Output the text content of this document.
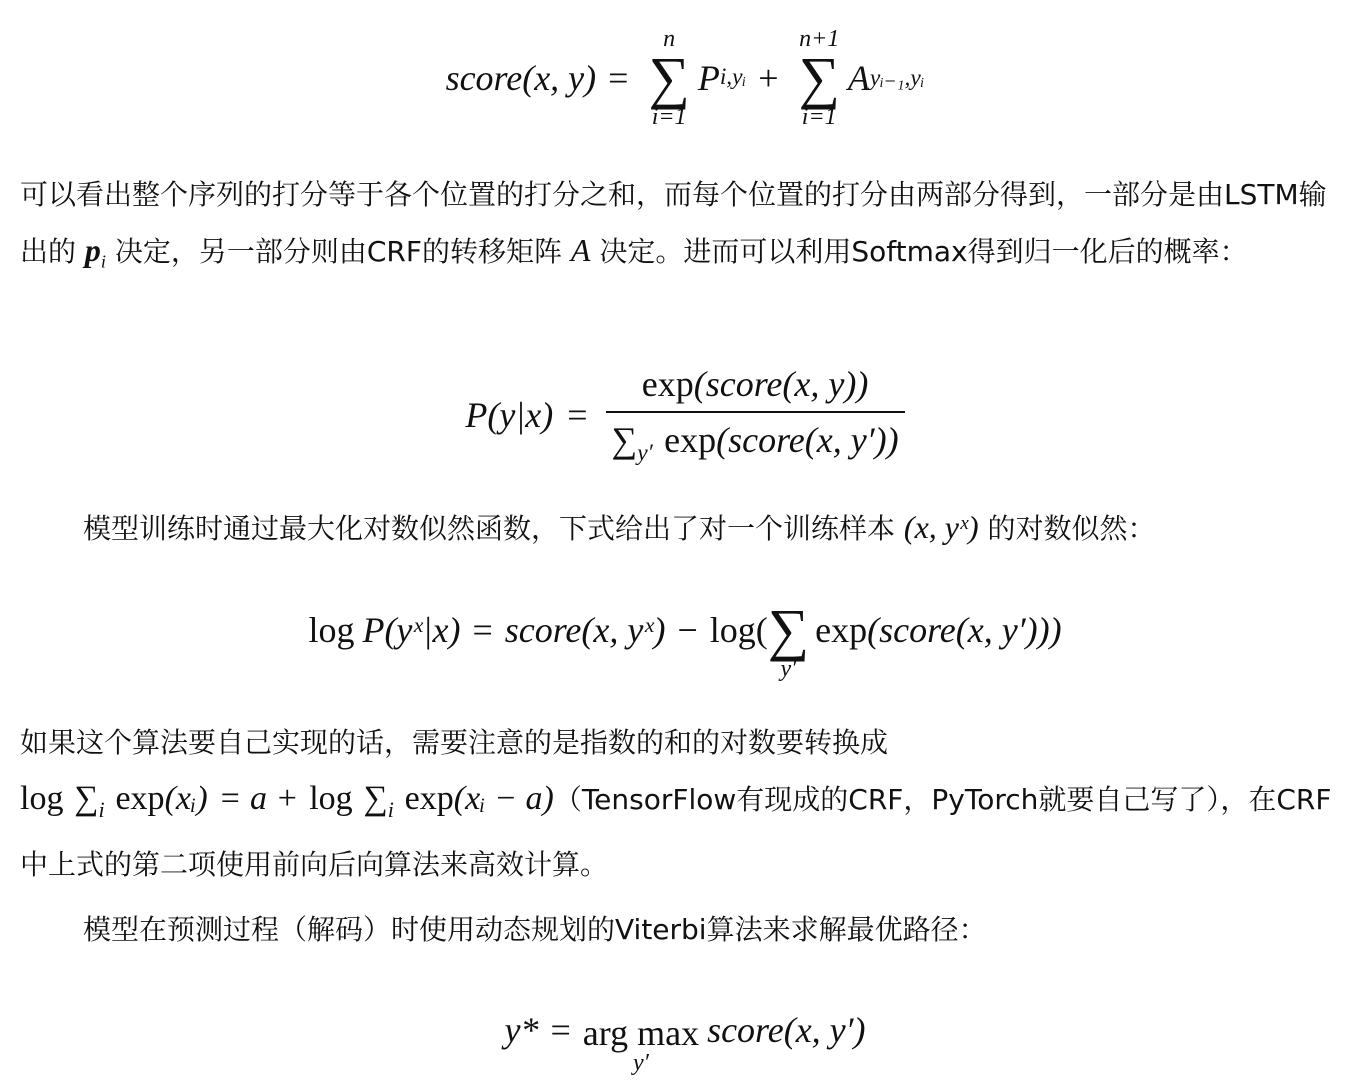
score(x, y) =
n
∑
i=1
P i,yᵢ +
n+1
∑
i=1
A yᵢ₋₁,yᵢ
可以看出整个序列的打分等于各个位置的打分之和，而每个位置的打分由两部分得到，一部分是由LSTM输出的 $p_i$ 决定，另一部分则由CRF的转移矩阵 A 决定。进而可以利用Softmax得到归一化后的概率：
$P(y|x) = \frac{\text{exp(score(x, y))}}{\sum_{y'} \exp(score(x, y'))}$
模型训练时通过最大化对数似然函数，下式给出了对一个训练样本 (x, yˣ) 的对数似然：
log P(yˣ|x) = score(x, yˣ) − log( ∑
y′
exp (score(x, y′)))
如果这个算法要自己实现的话，需要注意的是指数的和的对数要转换成 $\log \sum_i$ exp(xᵢ) = $a + \log \sum_i$ exp(xᵢ − a)（TensorFlow有现成的CRF，PyTorch就要自己写了），在CRF中上式的第二项使用前向后向算法来高效计算。
模型在预测过程（解码）时使用动态规划的Viterbi算法来求解最优路径：
y* = arg max
y′
score(x, y′)
